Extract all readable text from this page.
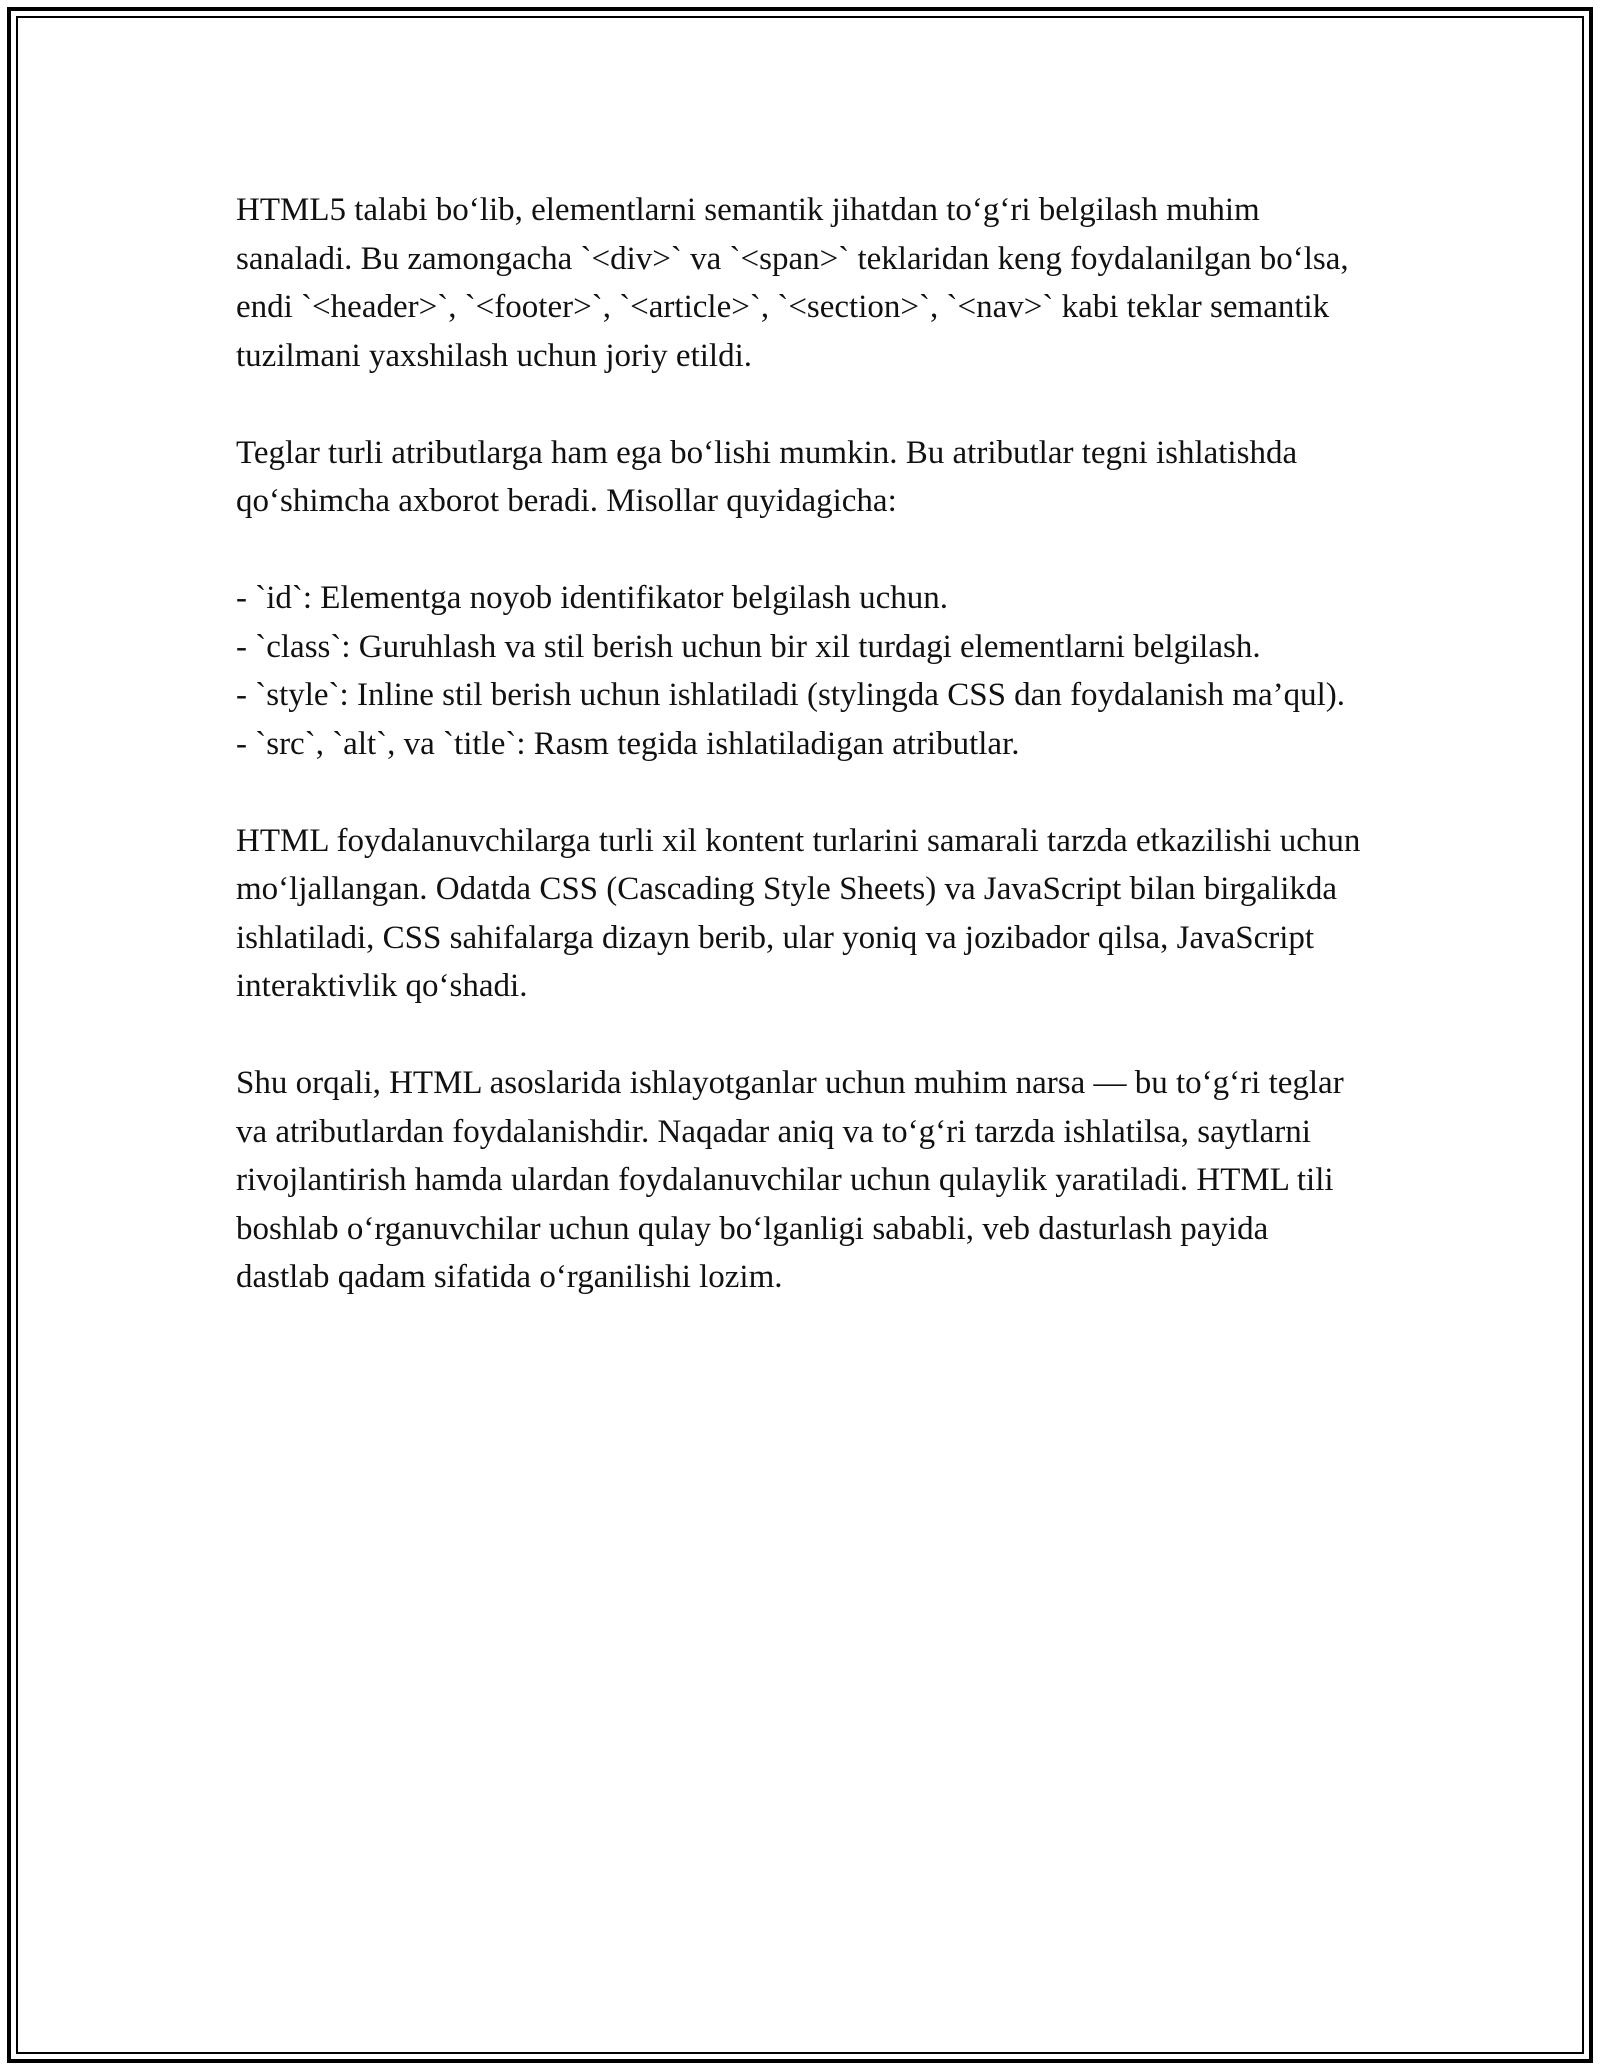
HTML5 talabi bo‘lib, elementlarni semantik jihatdan to‘g‘ri belgilash muhim sanaladi. Bu zamongacha `<div>` va `<span>` teklaridan keng foydalanilgan bo‘lsa, endi `<header>`, `<footer>`, `<article>`, `<section>`, `<nav>` kabi teklar semantik tuzilmani yaxshilash uchun joriy etildi.

Teglar turli atributlarga ham ega bo‘lishi mumkin. Bu atributlar tegni ishlatishda qo‘shimcha axborot beradi. Misollar quyidagicha:

- `id`: Elementga noyob identifikator belgilash uchun.
- `class`: Guruhlash va stil berish uchun bir xil turdagi elementlarni belgilash.
- `style`: Inline stil berish uchun ishlatiladi (stylingda CSS dan foydalanish ma’qul).
- `src`, `alt`, va `title`: Rasm tegida ishlatiladigan atributlar.

HTML foydalanuvchilarga turli xil kontent turlarini samarali tarzda etkazilishi uchun mo‘ljallangan. Odatda CSS (Cascading Style Sheets) va JavaScript bilan birgalikda ishlatiladi, CSS sahifalarga dizayn berib, ular yoniq va jozibador qilsa, JavaScript interaktivlik qo‘shadi.

Shu orqali, HTML asoslarida ishlayotganlar uchun muhim narsa — bu to‘g‘ri teglar va atributlardan foydalanishdir. Naqadar aniq va to‘g‘ri tarzda ishlatilsa, saytlarni rivojlantirish hamda ulardan foydalanuvchilar uchun qulaylik yaratiladi. HTML tili boshlab o‘rganuvchilar uchun qulay bo‘lganligi sababli, veb dasturlash payida dastlab qadam sifatida o‘rganilishi lozim.
